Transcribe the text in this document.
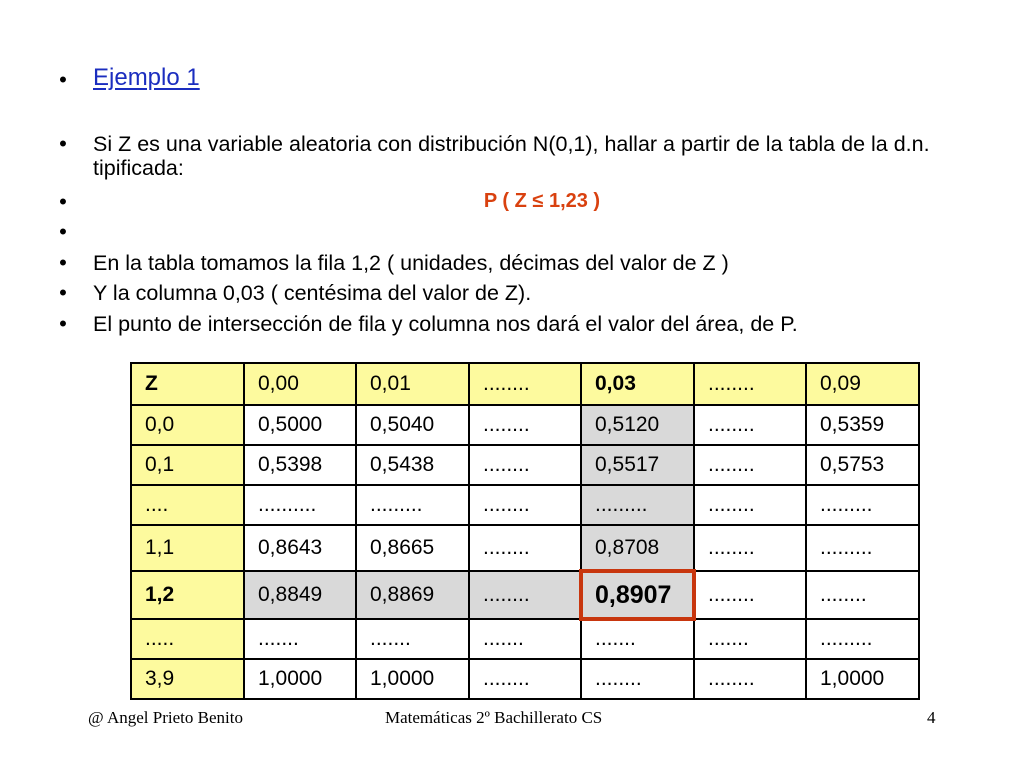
• Ejemplo 1
• Si Z es una variable aleatoria con distribución N(0,1), hallar a partir de la tabla de la d.n. tipificada:
•	P ( Z ≤ 1,23 )
•
• En la tabla tomamos la fila 1,2 ( unidades, décimas del valor de Z )
• Y la columna 0,03 ( centésima del valor de Z).
• El punto de intersección de fila y columna nos dará el valor del área, de P.
Z	0,00	0,01	........	0,03	........	0,09
0,0	0,5000	0,5040	........	0,5120	........	0,5359
0,1	0,5398	0,5438	........	0,5517	........	0,5753
....	..........	.........	........	.........	........	.........
1,1	0,8643	0,8665	........	0,8708	........	.........
1,2	0,8849	0,8869	........	0,8907	........	........
.....	.......	.......	.......	.......	.......	.........
3,9	1,0000	1,0000	........	........	........	1,0000
@ Angel Prieto Benito	Matemáticas 2º Bachillerato CS	4
